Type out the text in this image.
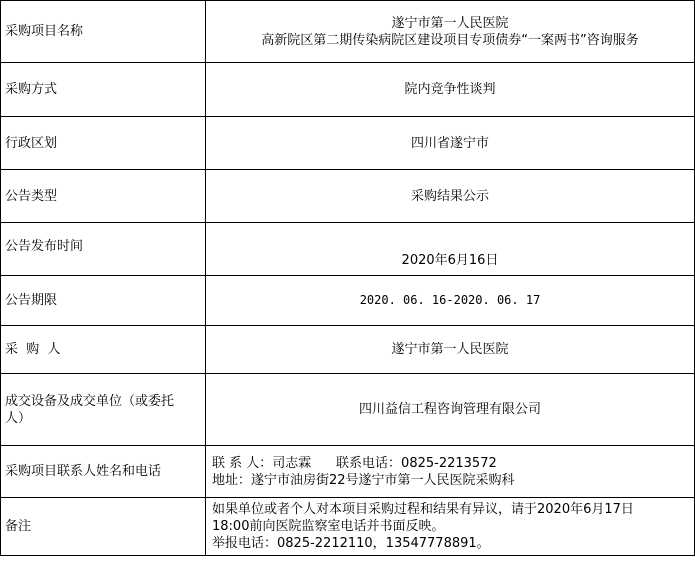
采购项目名称	遂宁市第一人民医院
高新院区第二期传染病院区建设项目专项债券“一案两书”咨询服务

采购方式	院内竞争性谈判
行政区划	四川省遂宁市
公告类型	采购结果公示
公告发布时间	2020年6月16日
公告期限	2020. 06. 16-2020. 06. 17
采  购  人	遂宁市第一人民医院
成交设备及成交单位（或委托人）	四川益信工程咨询管理有限公司
采购项目联系人姓名和电话	联 系 人：司志霖      联系电话：0825-2213572
地址：遂宁市油房街22号遂宁市第一人民医院采购科

备注	如果单位或者个人对本项目采购过程和结果有异议，请于2020年6月17日
18:00前向医院监察室电话并书面反映。
举报电话：0825-2212110，13547778891。
